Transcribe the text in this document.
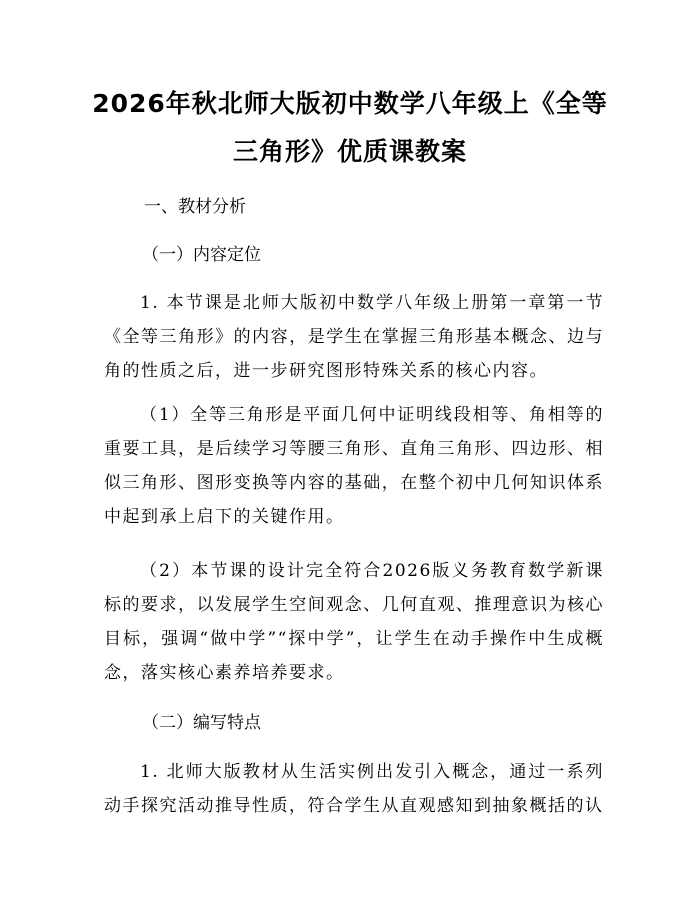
2026年秋北师大版初中数学八年级上《全等
三角形》优质课教案
一、教材分析
（一）内容定位

1. 本节课是北师大版初中数学八年级上册第一章第一节《全等三角形》的内容，是学生在掌握三角形基本概念、边与角的性质之后，进一步研究图形特殊关系的核心内容。

（1）全等三角形是平面几何中证明线段相等、角相等的重要工具，是后续学习等腰三角形、直角三角形、四边形、相似三角形、图形变换等内容的基础，在整个初中几何知识体系中起到承上启下的关键作用。

（2）本节课的设计完全符合2026版义务教育数学新课标的要求，以发展学生空间观念、几何直观、推理意识为核心目标，强调“做中学”“探中学”，让学生在动手操作中生成概念，落实核心素养培养要求。

（二）编写特点

1. 北师大版教材从生活实例出发引入概念，通过一系列动手探究活动推导性质，符合学生从直观感知到抽象概括的认
